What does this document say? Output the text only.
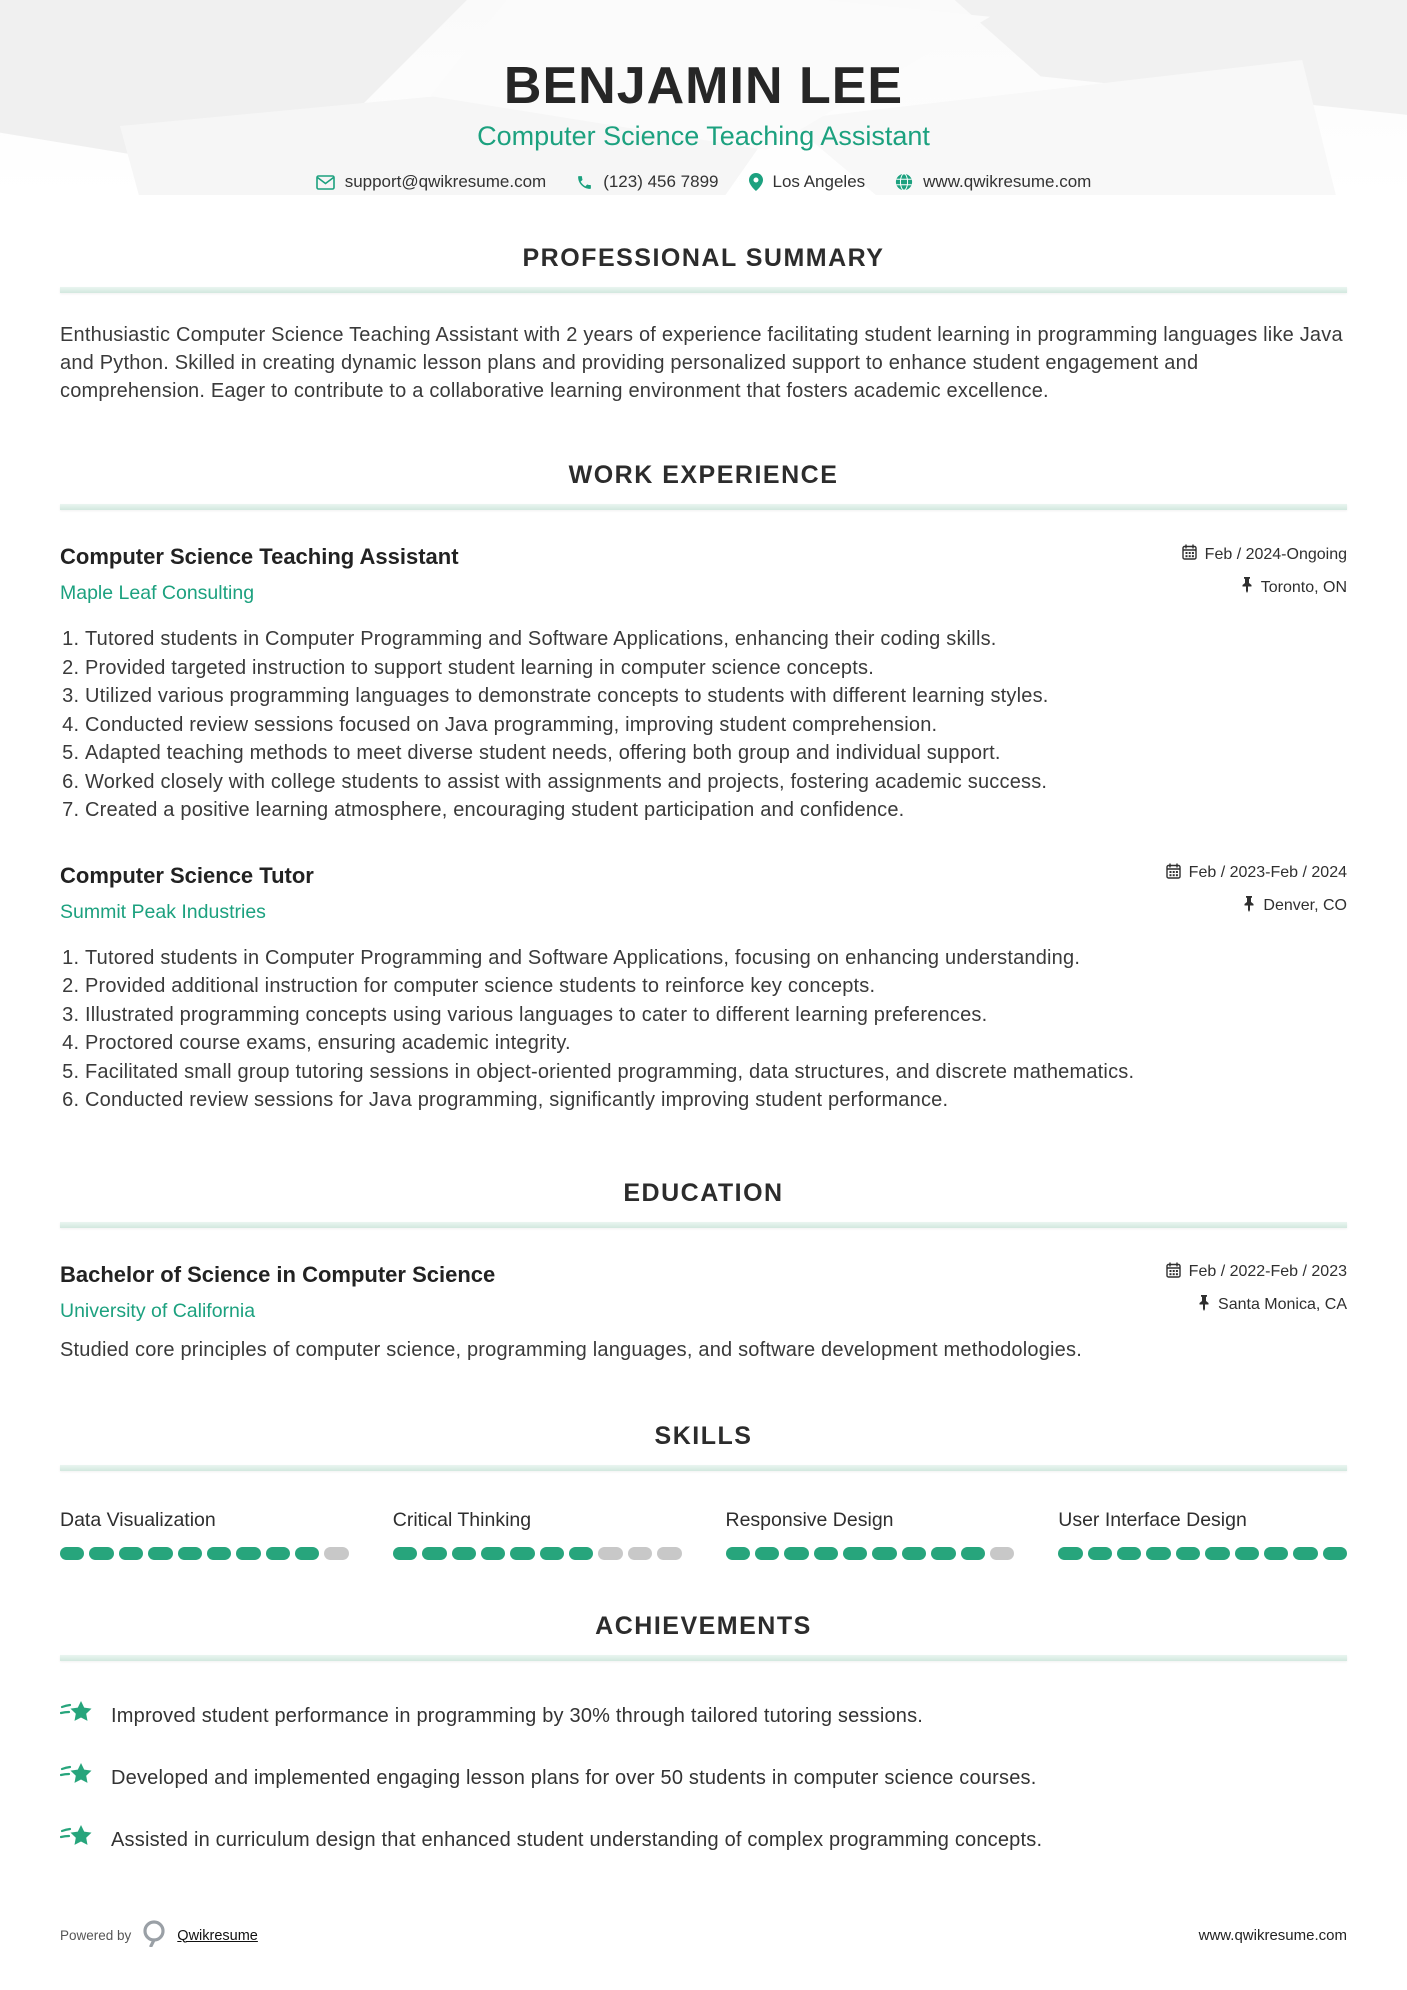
BENJAMIN LEE
Computer Science Teaching Assistant
support@qwikresume.com	(123) 456 7899	Los Angeles	www.qwikresume.com
PROFESSIONAL SUMMARY

Enthusiastic Computer Science Teaching Assistant with 2 years of experience facilitating student learning in programming languages like Java and Python. Skilled in creating dynamic lesson plans and providing personalized support to enhance student engagement and comprehension. Eager to contribute to a collaborative learning environment that fosters academic excellence.

WORK EXPERIENCE
Computer Science Teaching Assistant
Maple Leaf Consulting
Feb / 2024-Ongoing
Toronto, ON
1. Tutored students in Computer Programming and Software Applications, enhancing their coding skills.
2. Provided targeted instruction to support student learning in computer science concepts.
3. Utilized various programming languages to demonstrate concepts to students with different learning styles.
4. Conducted review sessions focused on Java programming, improving student comprehension.
5. Adapted teaching methods to meet diverse student needs, offering both group and individual support.
6. Worked closely with college students to assist with assignments and projects, fostering academic success.
7. Created a positive learning atmosphere, encouraging student participation and confidence.
Computer Science Tutor
Summit Peak Industries
Feb / 2023-Feb / 2024
Denver, CO
1. Tutored students in Computer Programming and Software Applications, focusing on enhancing understanding.
2. Provided additional instruction for computer science students to reinforce key concepts.
3. Illustrated programming concepts using various languages to cater to different learning preferences.
4. Proctored course exams, ensuring academic integrity.
5. Facilitated small group tutoring sessions in object-oriented programming, data structures, and discrete mathematics.
6. Conducted review sessions for Java programming, significantly improving student performance.
EDUCATION
Bachelor of Science in Computer Science
University of California
Feb / 2022-Feb / 2023
Santa Monica, CA

Studied core principles of computer science, programming languages, and software development methodologies.

SKILLS
Data Visualization	Critical Thinking	Responsive Design	User Interface Design
ACHIEVEMENTS
Improved student performance in programming by 30% through tailored tutoring sessions.
Developed and implemented engaging lesson plans for over 50 students in computer science courses.
Assisted in curriculum design that enhanced student understanding of complex programming concepts.
Powered by	Qwikresume	www.qwikresume.com
